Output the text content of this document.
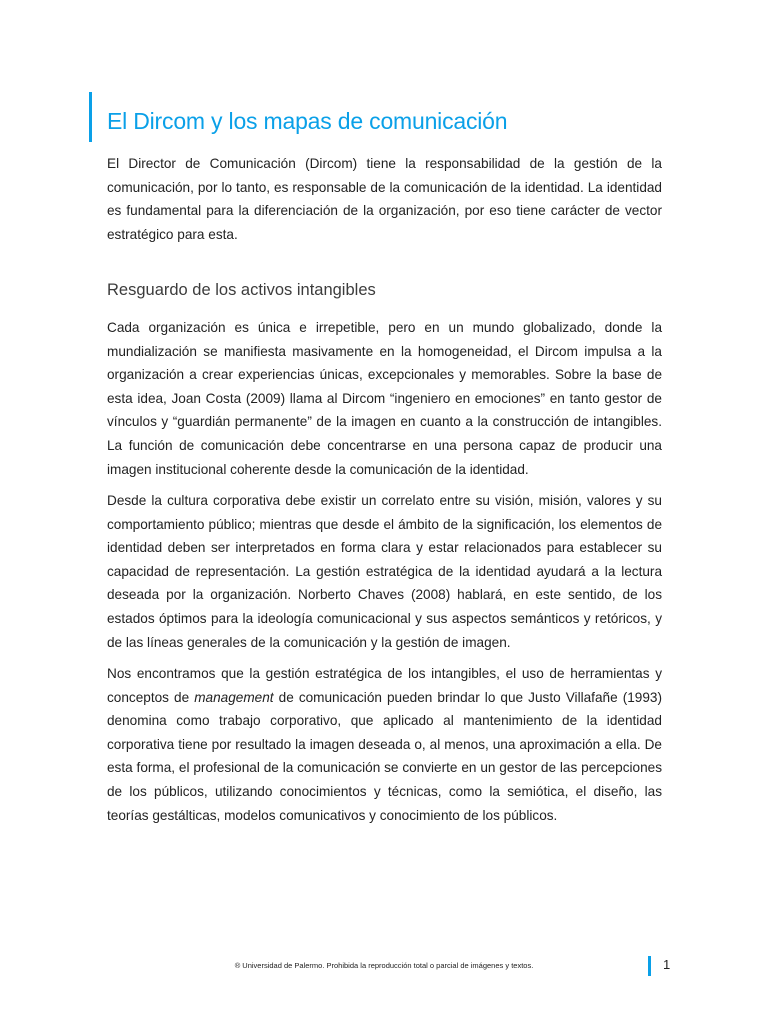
El Dircom y los mapas de comunicación

El Director de Comunicación (Dircom) tiene la responsabilidad de la gestión de la comunicación, por lo tanto, es responsable de la comunicación de la identidad. La identidad es fundamental para la diferenciación de la organización, por eso tiene carácter de vector estratégico para esta.

Resguardo de los activos intangibles

Cada organización es única e irrepetible, pero en un mundo globalizado, donde la mundialización se manifiesta masivamente en la homogeneidad, el Dircom impulsa a la organización a crear experiencias únicas, excepcionales y memorables. Sobre la base de esta idea, Joan Costa (2009) llama al Dircom “ingeniero en emociones” en tanto gestor de vínculos y “guardián permanente” de la imagen en cuanto a la construcción de intangibles. La función de comunicación debe concentrarse en una persona capaz de producir una imagen institucional coherente desde la comunicación de la identidad.

Desde la cultura corporativa debe existir un correlato entre su visión, misión, valores y su comportamiento público; mientras que desde el ámbito de la significación, los elementos de identidad deben ser interpretados en forma clara y estar relacionados para establecer su capacidad de representación. La gestión estratégica de la identidad ayudará a la lectura deseada por la organización. Norberto Chaves (2008) hablará, en este sentido, de los estados óptimos para la ideología comunicacional y sus aspectos semánticos y retóricos, y de las líneas generales de la comunicación y la gestión de imagen.

Nos encontramos que la gestión estratégica de los intangibles, el uso de herramientas y conceptos de management de comunicación pueden brindar lo que Justo Villafañe (1993) denomina como trabajo corporativo, que aplicado al mantenimiento de la identidad corporativa tiene por resultado la imagen deseada o, al menos, una aproximación a ella. De esta forma, el profesional de la comunicación se convierte en un gestor de las percepciones de los públicos, utilizando conocimientos y técnicas, como la semiótica, el diseño, las teorías gestálticas, modelos comunicativos y conocimiento de los públicos.

® Universidad de Palermo. Prohibida la reproducción total o parcial de imágenes y textos.	1
